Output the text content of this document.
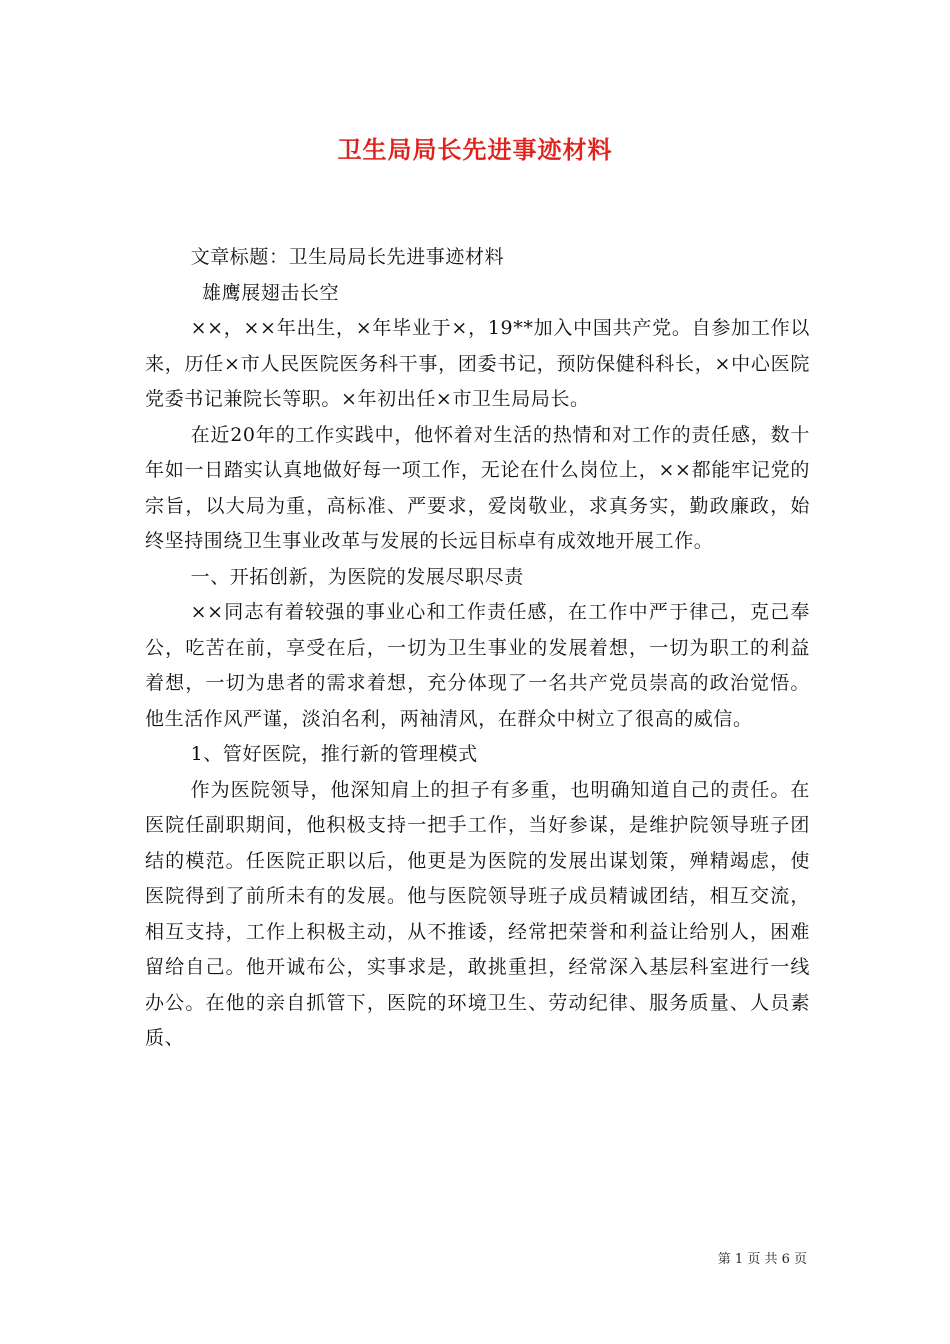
卫生局局长先进事迹材料

文章标题：卫生局局长先进事迹材料

雄鹰展翅击长空

××，××年出生，×年毕业于×，19**加入中国共产党。自参加工作以来，历任×市人民医院医务科干事，团委书记，预防保健科科长，×中心医院党委书记兼院长等职。×年初出任×市卫生局局长。

在近20年的工作实践中，他怀着对生活的热情和对工作的责任感，数十年如一日踏实认真地做好每一项工作，无论在什么岗位上，××都能牢记党的宗旨，以大局为重，高标准、严要求，爱岗敬业，求真务实，勤政廉政，始终坚持围绕卫生事业改革与发展的长远目标卓有成效地开展工作。

一、开拓创新，为医院的发展尽职尽责

××同志有着较强的事业心和工作责任感，在工作中严于律己，克己奉公，吃苦在前，享受在后，一切为卫生事业的发展着想，一切为职工的利益着想，一切为患者的需求着想，充分体现了一名共产党员崇高的政治觉悟。他生活作风严谨，淡泊名利，两袖清风，在群众中树立了很高的威信。

1、管好医院，推行新的管理模式

作为医院领导，他深知肩上的担子有多重，也明确知道自己的责任。在医院任副职期间，他积极支持一把手工作，当好参谋，是维护院领导班子团结的模范。任医院正职以后，他更是为医院的发展出谋划策，殚精竭虑，使医院得到了前所未有的发展。他与医院领导班子成员精诚团结，相互交流，相互支持，工作上积极主动，从不推诿，经常把荣誉和利益让给别人，困难留给自己。他开诚布公，实事求是，敢挑重担，经常深入基层科室进行一线办公。在他的亲自抓管下，医院的环境卫生、劳动纪律、服务质量、人员素质、

第 1 页 共 6 页
